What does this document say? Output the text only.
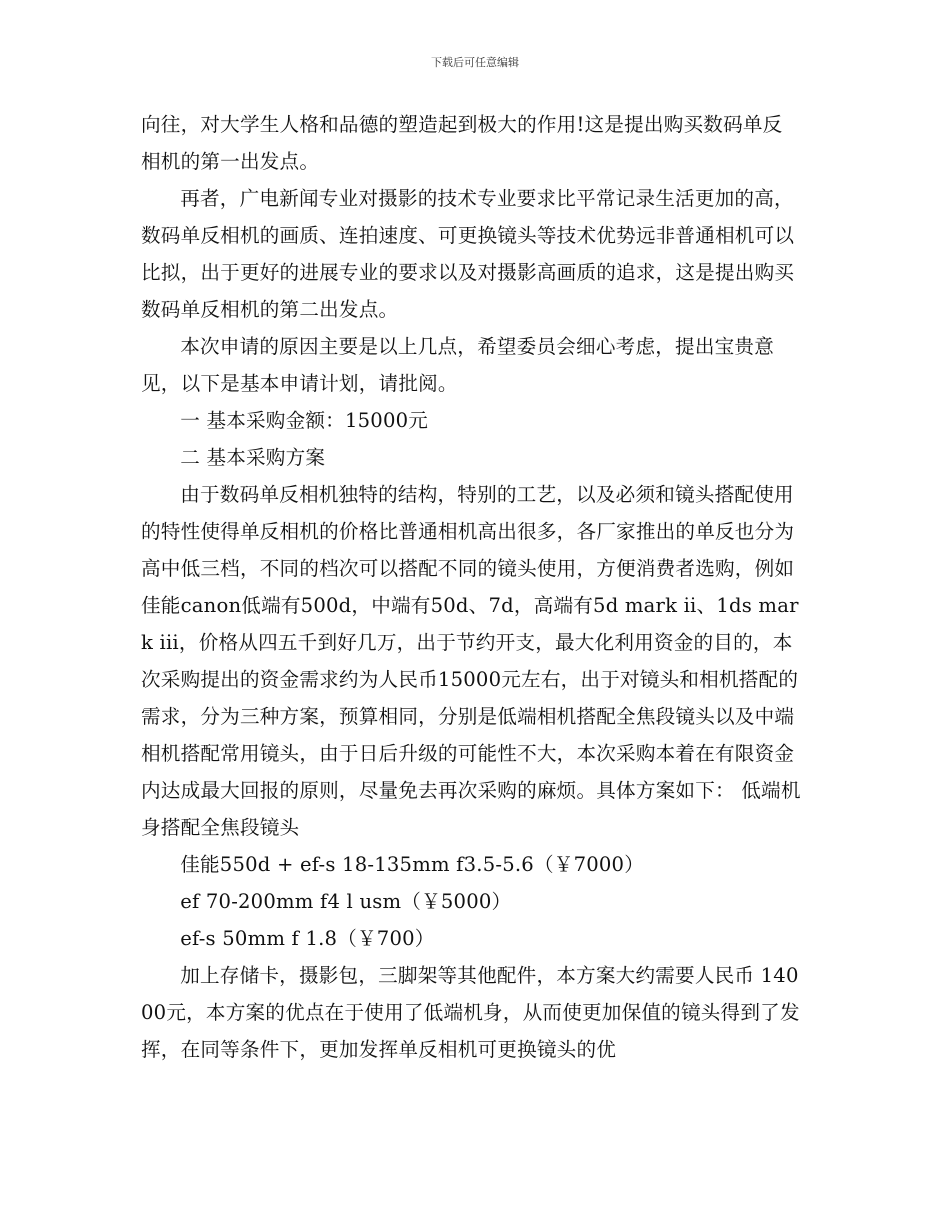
下载后可任意编辑

向往，对大学生人格和品德的塑造起到极大的作用!这是提出购买数码单反相机的第一出发点。

再者，广电新闻专业对摄影的技术专业要求比平常记录生活更加的高，数码单反相机的画质、连拍速度、可更换镜头等技术优势远非普通相机可以比拟，出于更好的进展专业的要求以及对摄影高画质的追求，这是提出购买数码单反相机的第二出发点。

本次申请的原因主要是以上几点，希望委员会细心考虑，提出宝贵意见，以下是基本申请计划，请批阅。

一 基本采购金额：15000元

二 基本采购方案

由于数码单反相机独特的结构，特别的工艺，以及必须和镜头搭配使用的特性使得单反相机的价格比普通相机高出很多，各厂家推出的单反也分为高中低三档，不同的档次可以搭配不同的镜头使用，方便消费者选购，例如佳能canon低端有500d，中端有50d、7d，高端有5d mark ii、1ds mark iii，价格从四五千到好几万，出于节约开支，最大化利用资金的目的，本次采购提出的资金需求约为人民币15000元左右，出于对镜头和相机搭配的需求，分为三种方案，预算相同，分别是低端相机搭配全焦段镜头以及中端相机搭配常用镜头，由于日后升级的可能性不大，本次采购本着在有限资金内达成最大回报的原则，尽量免去再次采购的麻烦。具体方案如下： 低端机身搭配全焦段镜头

佳能550d + ef-s 18-135mm f3.5-5.6（￥7000）

ef 70-200mm f4 l usm（￥5000）

ef-s 50mm f 1.8（￥700）

加上存储卡，摄影包，三脚架等其他配件，本方案大约需要人民币 14000元，本方案的优点在于使用了低端机身，从而使更加保值的镜头得到了发挥，在同等条件下，更加发挥单反相机可更换镜头的优
